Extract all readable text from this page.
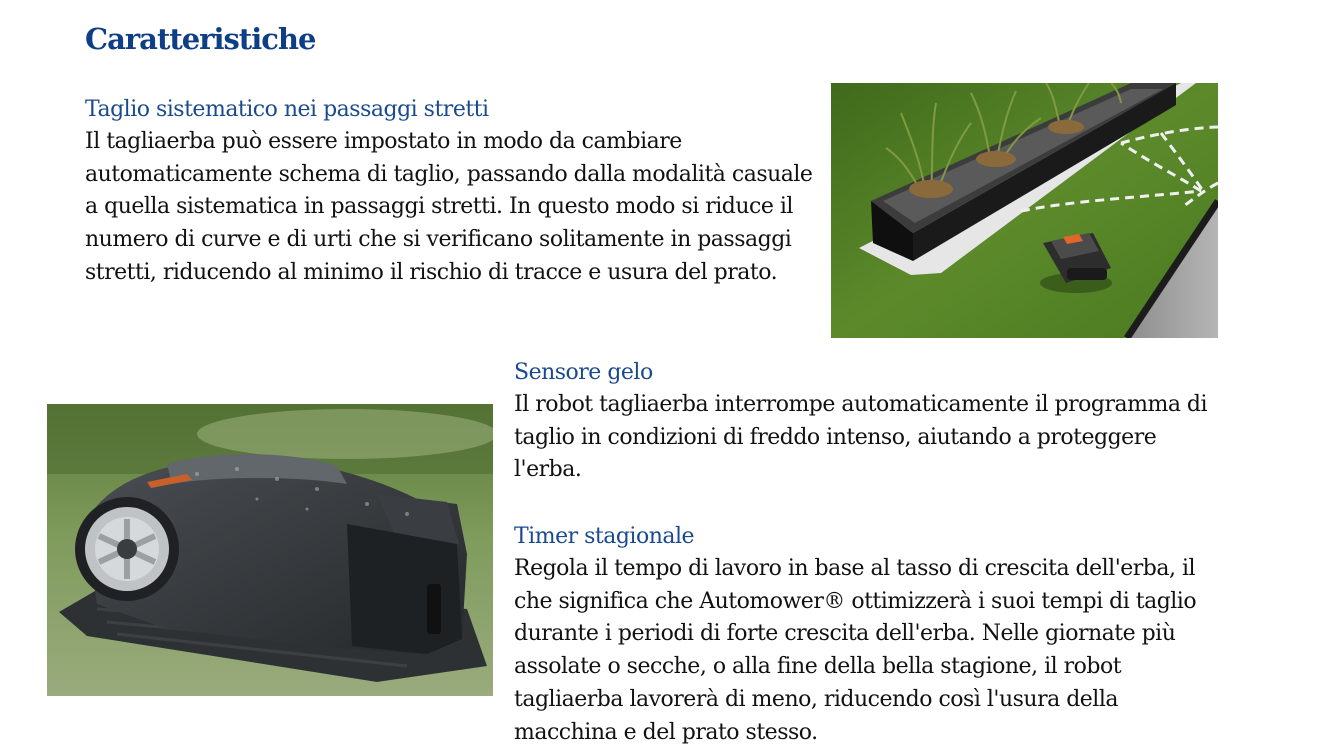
Caratteristiche
Taglio sistematico nei passaggi stretti

Il tagliaerba può essere impostato in modo da cambiare automaticamente schema di taglio, passando dalla modalità casuale a quella sistematica in passaggi stretti. In questo modo si riduce il numero di curve e di urti che si verificano solitamente in passaggi stretti, riducendo al minimo il rischio di tracce e usura del prato.

Sensore gelo

Il robot tagliaerba interrompe automaticamente il programma di taglio in condizioni di freddo intenso, aiutando a proteggere l'erba.

Timer stagionale

Regola il tempo di lavoro in base al tasso di crescita dell'erba, il che significa che Automower® ottimizzerà i suoi tempi di taglio durante i periodi di forte crescita dell'erba. Nelle giornate più assolate o secche, o alla fine della bella stagione, il robot tagliaerba lavorerà di meno, riducendo così l'usura della macchina e del prato stesso.
